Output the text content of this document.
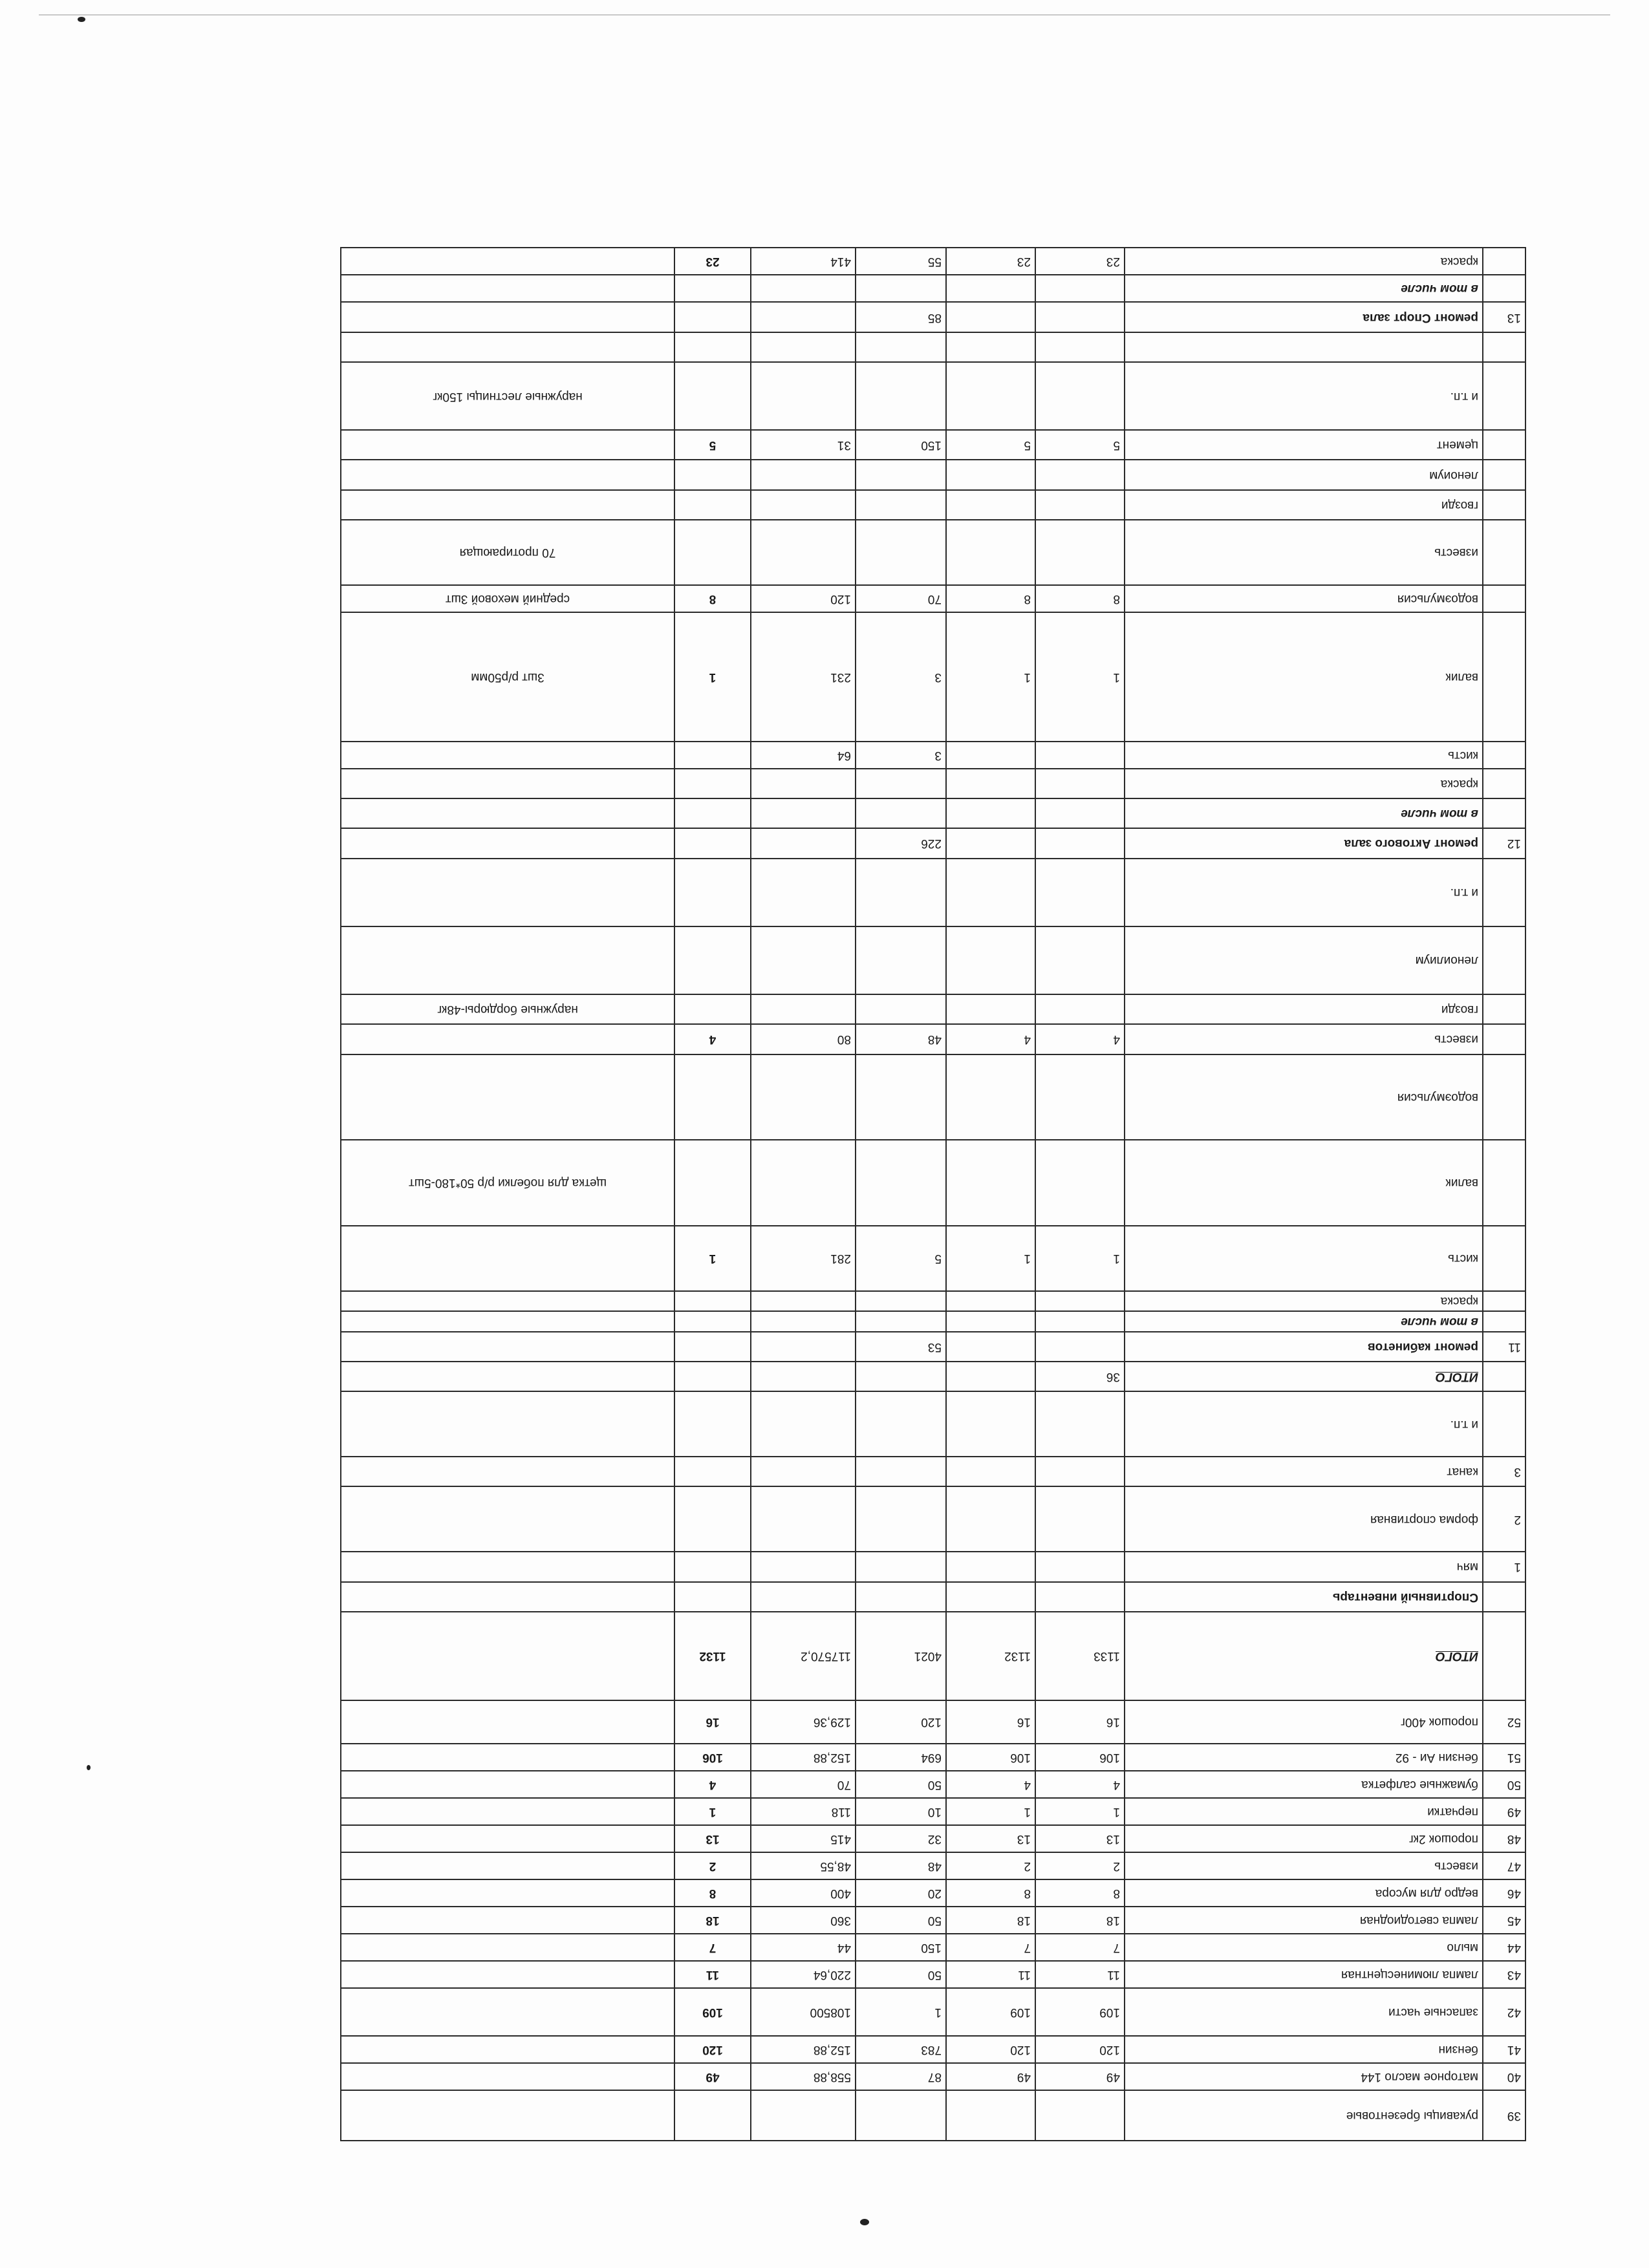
39	рукавицы брезентовые						
40	маторное масло 144	49	49	87	558,88	49	
41	бензин	120	120	783	152,88	120	
42	запасные части	109	109	1	108500	109	
43	лампа люминесцентная	11	11	50	220,64	11	
44	мыло	7	7	150	44	7	
45	лампа светодиодная	18	18	50	360	18	
46	ведро для мусора	8	8	20	400	8	
47	известь	2	2	48	48,55	2	
48	порошок 2кг	13	13	32	415	13	
49	перчатки	1	1	10	118	1	
50	бумажные салфетка	4	4	50	70	4	
51	бензин Аи - 92	106	106	694	152,88	106	
52	порошок 400г	16	16	120	129,36	16	
	ИТОГО	1133	1132	4021	117570,2	1132	
	Спортивный инвентарь						
1	мяч						
2	форма спортивная						
3	канат						
	и т.п.						
	ИТОГО	36					
11	ремонт кабинетов			53			
	в том числе						
	краска						
	кисть	1	1	5	281	1	
	валик						щетка для побелки р/р 50*180-5шт
	водоэмульсия						
	известь	4	4	48	80	4	
	гвозди						наружные бордюры-48кг
	леноилиум						
	и т.п.						
12	ремонт Актового зала			226			
	в том числе						
	краска						
	кисть			3	64		
	валик	1	1	3	231	1	3шт р/р50мм
	водоэмульсия	8	8	70	120	8	средний меховой 3шт
	известь						70 протирающая
	гвозди						
	леноиум						
	цемент	5	5	150	31	5	
	и т.п.						наружные лестницы 150кг

13	ремонт Спорт зала			85			
	в том числе						
	краска	23	23	55	414	23	
